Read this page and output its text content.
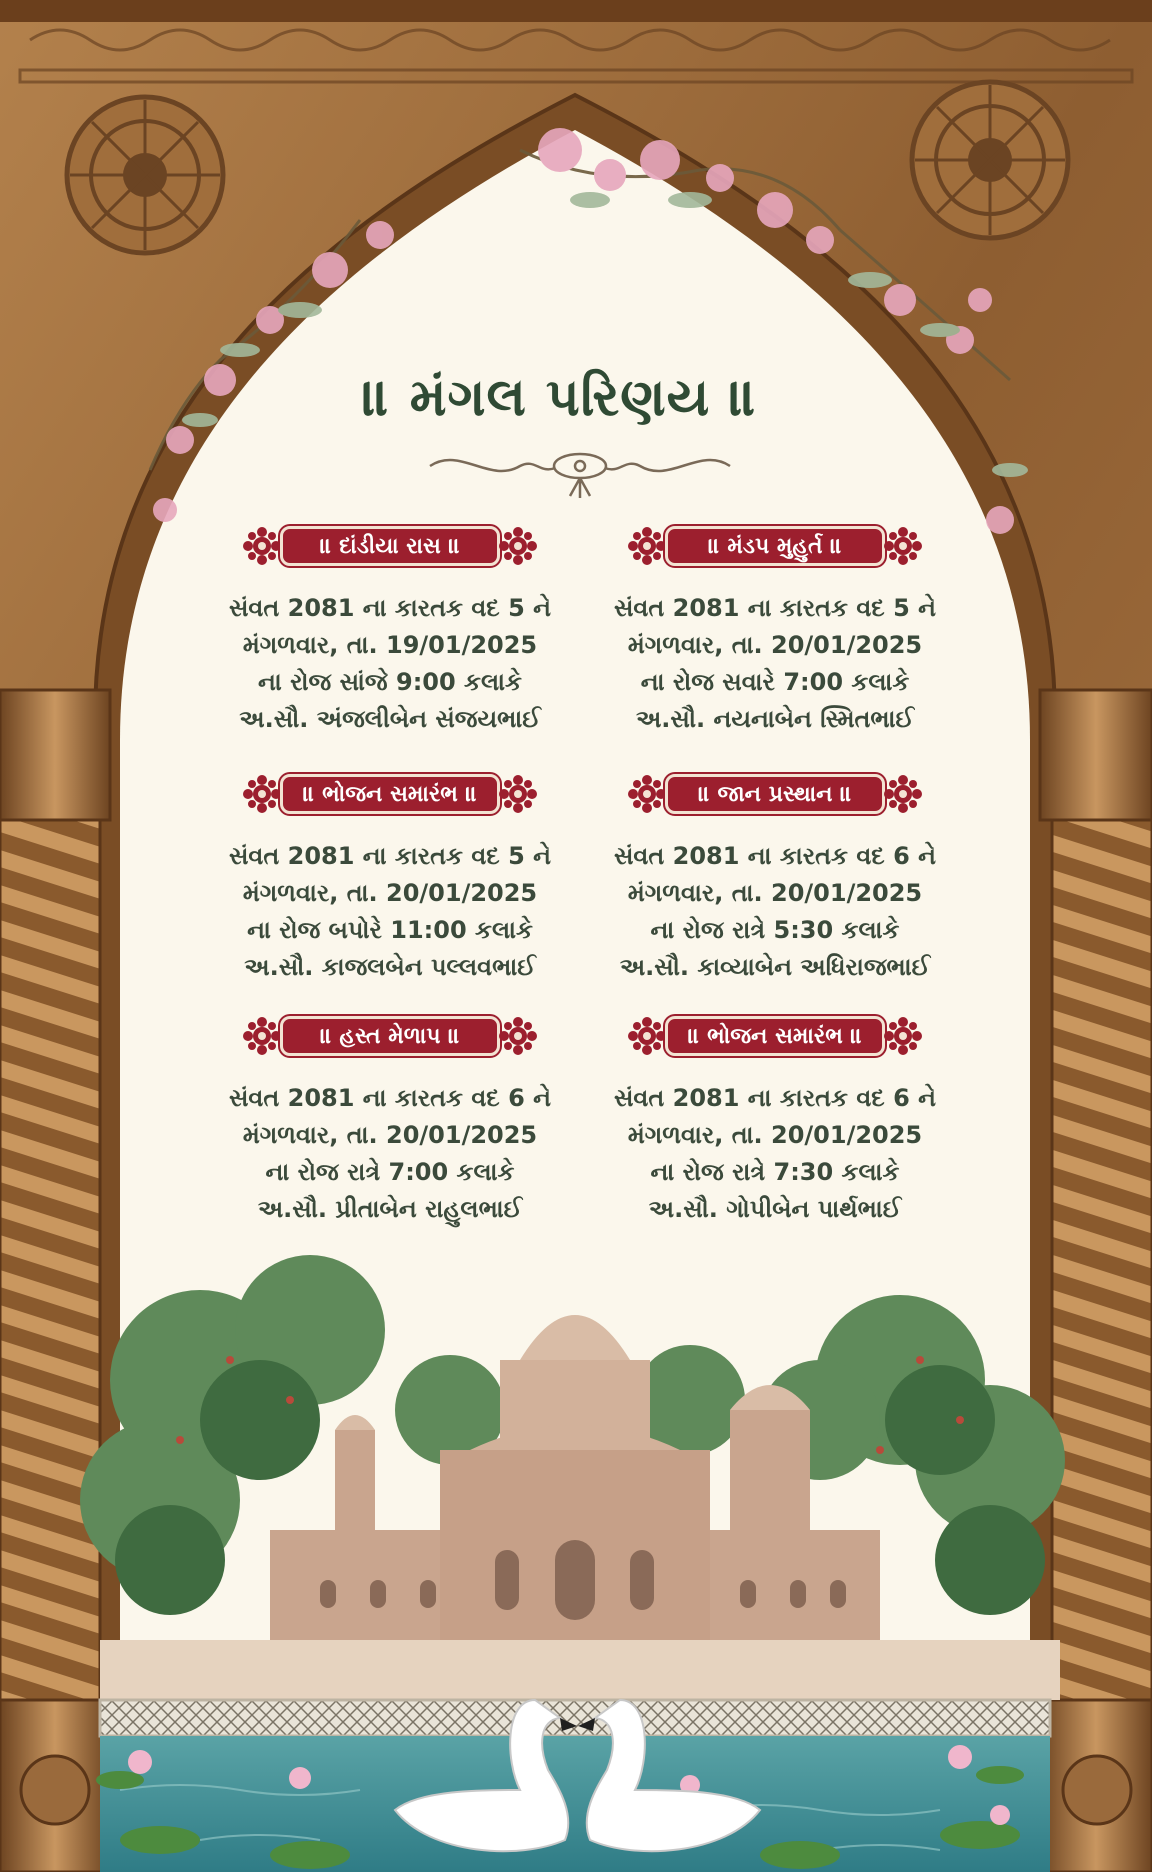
॥ મંગલ પરિણય ॥
॥ દાંડીયા રાસ ॥
સંવત 2081 ના કારતક વદ 5 ને
મંગળવાર, તા. 19/01/2025
ના રોજ સાંજે 9:00 કલાકે
અ.સૌ. અંજલીબેન સંજયભાઈ
॥ મંડપ મુહુર્ત ॥
સંવત 2081 ના કારતક વદ 5 ને
મંગળવાર, તા. 20/01/2025
ના રોજ સવારે 7:00 કલાકે
અ.સૌ. નયનાબેન સ્મિતભાઈ
॥ ભોજન સમારંભ ॥
સંવત 2081 ના કારતક વદ 5 ને
મંગળવાર, તા. 20/01/2025
ના રોજ બપોરે 11:00 કલાકે
અ.સૌ. કાજલબેન પલ્લવભાઈ
॥ જાન પ્રસ્થાન ॥
સંવત 2081 ના કારતક વદ 6 ને
મંગળવાર, તા. 20/01/2025
ના રોજ રાત્રે 5:30 કલાકે
અ.સૌ. કાવ્યાબેન અધિરાજભાઈ
॥ હસ્ત મેળાપ ॥
સંવત 2081 ના કારતક વદ 6 ને
મંગળવાર, તા. 20/01/2025
ના રોજ રાત્રે 7:00 કલાકે
અ.સૌ. પ્રીતાબેન રાહુલભાઈ
॥ ભોજન સમારંભ ॥
સંવત 2081 ના કારતક વદ 6 ને
મંગળવાર, તા. 20/01/2025
ના રોજ રાત્રે 7:30 કલાકે
અ.સૌ. ગોપીબેન પાર્થભાઈ
